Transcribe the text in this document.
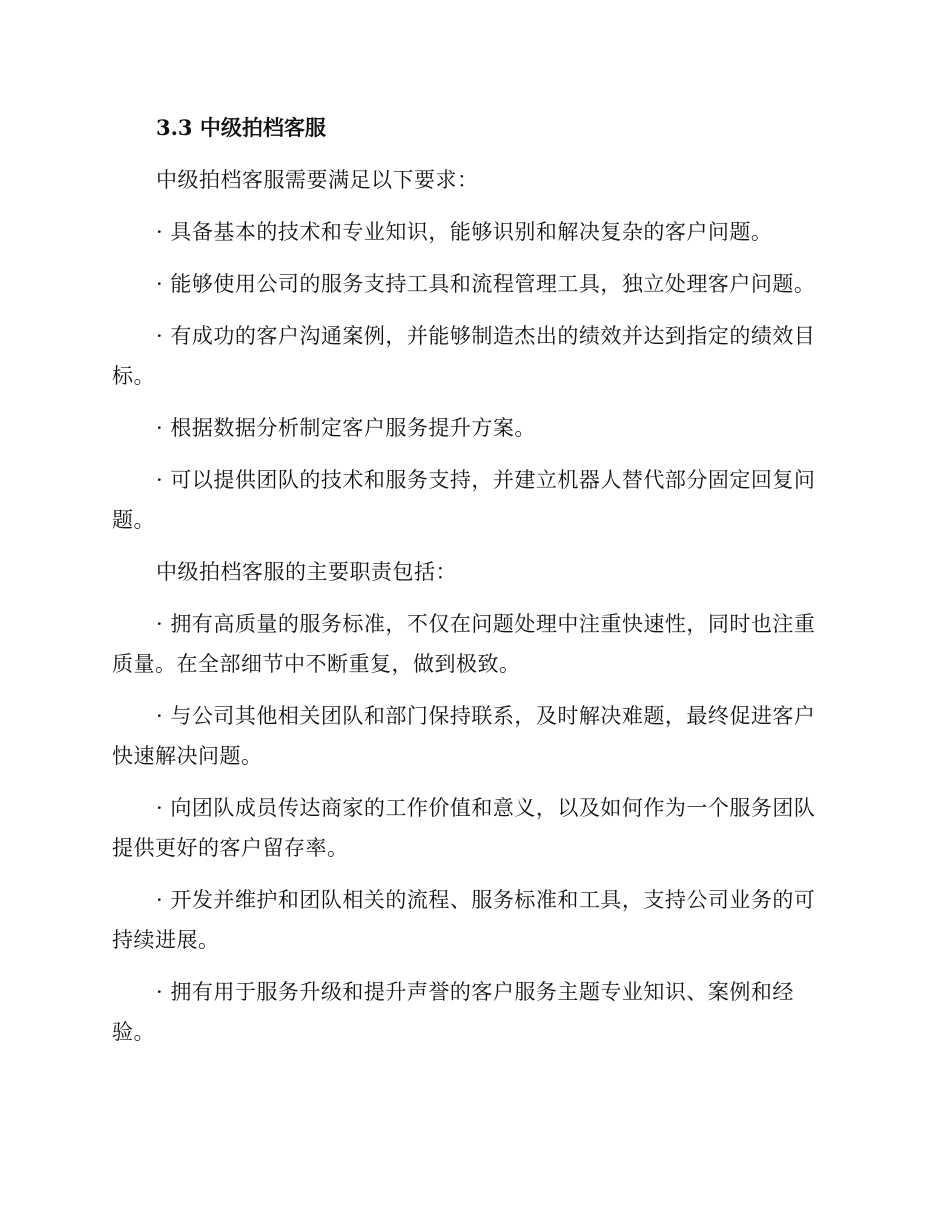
3.3 中级拍档客服

中级拍档客服需要满足以下要求：

· 具备基本的技术和专业知识，能够识别和解决复杂的客户问题。

· 能够使用公司的服务支持工具和流程管理工具，独立处理客户问题。

· 有成功的客户沟通案例，并能够制造杰出的绩效并达到指定的绩效目标。

· 根据数据分析制定客户服务提升方案。

· 可以提供团队的技术和服务支持，并建立机器人替代部分固定回复问题。

中级拍档客服的主要职责包括：

· 拥有高质量的服务标准，不仅在问题处理中注重快速性，同时也注重质量。在全部细节中不断重复，做到极致。

· 与公司其他相关团队和部门保持联系，及时解决难题，最终促进客户快速解决问题。

· 向团队成员传达商家的工作价值和意义，以及如何作为一个服务团队提供更好的客户留存率。

· 开发并维护和团队相关的流程、服务标准和工具，支持公司业务的可持续进展。

· 拥有用于服务升级和提升声誉的客户服务主题专业知识、案例和经验。
